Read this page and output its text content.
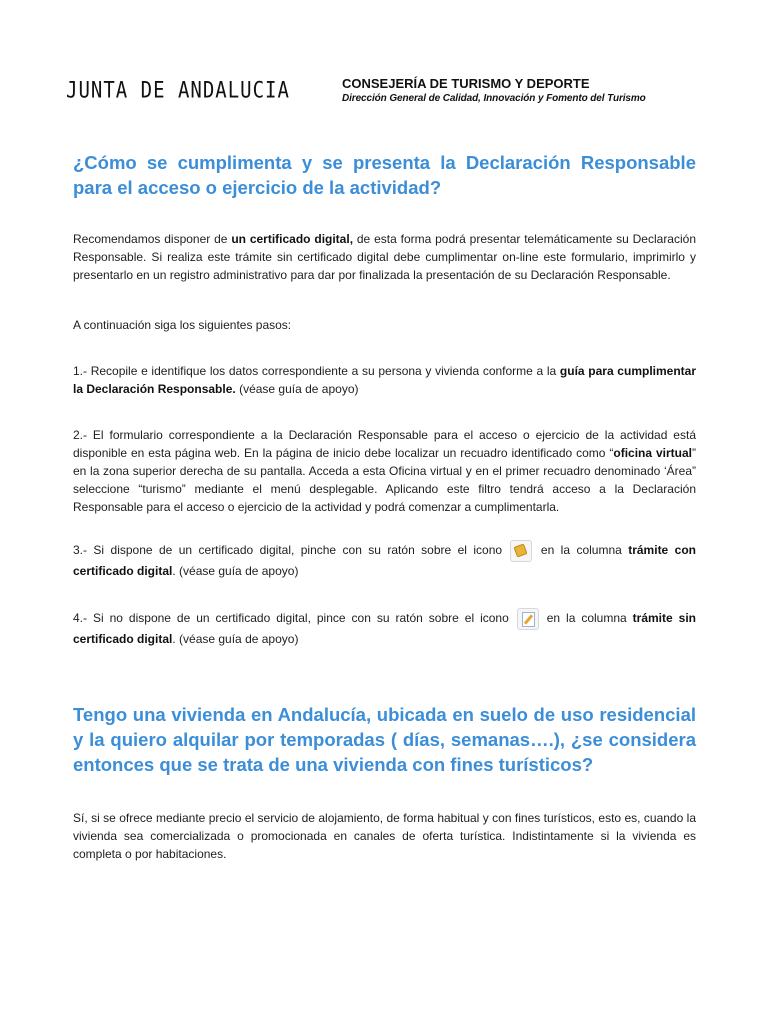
JUNTA DE ANDALUCIA	CONSEJERÍA DE TURISMO Y DEPORTE
Dirección General de Calidad, Innovación y Fomento del Turismo
¿Cómo se cumplimenta y se presenta la Declaración Responsable para el acceso o ejercicio de la actividad?

Recomendamos disponer de un certificado digital, de esta forma podrá presentar telemáticamente su Declaración Responsable. Si realiza este trámite sin certificado digital debe cumplimentar on-line este formulario, imprimirlo y presentarlo en un registro administrativo para dar por finalizada la presentación de su Declaración Responsable.

A continuación siga los siguientes pasos:

1.- Recopile e identifique los datos correspondiente a su persona y vivienda conforme a la guía para cumplimentar la Declaración Responsable. (véase guía de apoyo)

2.- El formulario correspondiente a la Declaración Responsable para el acceso o ejercicio de la actividad está disponible en esta página web. En la página de inicio debe localizar un recuadro identificado como “oficina virtual” en la zona superior derecha de su pantalla. Acceda a esta Oficina virtual y en el primer recuadro denominado ‘Área” seleccione “turismo” mediante el menú desplegable. Aplicando este filtro tendrá acceso a la Declaración Responsable para el acceso o ejercicio de la actividad y podrá comenzar a cumplimentarla.

3.- Si dispone de un certificado digital, pinche con su ratón sobre el icono  en la columna trámite con certificado digital. (véase guía de apoyo)

4.- Si no dispone de un certificado digital, pince con su ratón sobre el icono  en la columna trámite sin certificado digital. (véase guía de apoyo)

Tengo una vivienda en Andalucía, ubicada en suelo de uso residencial y la quiero alquilar por temporadas ( días, semanas….), ¿se considera entonces que se trata de una vivienda con fines turísticos?

Sí, si se ofrece mediante precio el servicio de alojamiento, de forma habitual y con fines turísticos, esto es, cuando la vivienda sea comercializada o promocionada en canales de oferta turística. Indistintamente si la vivienda es completa o por habitaciones.
